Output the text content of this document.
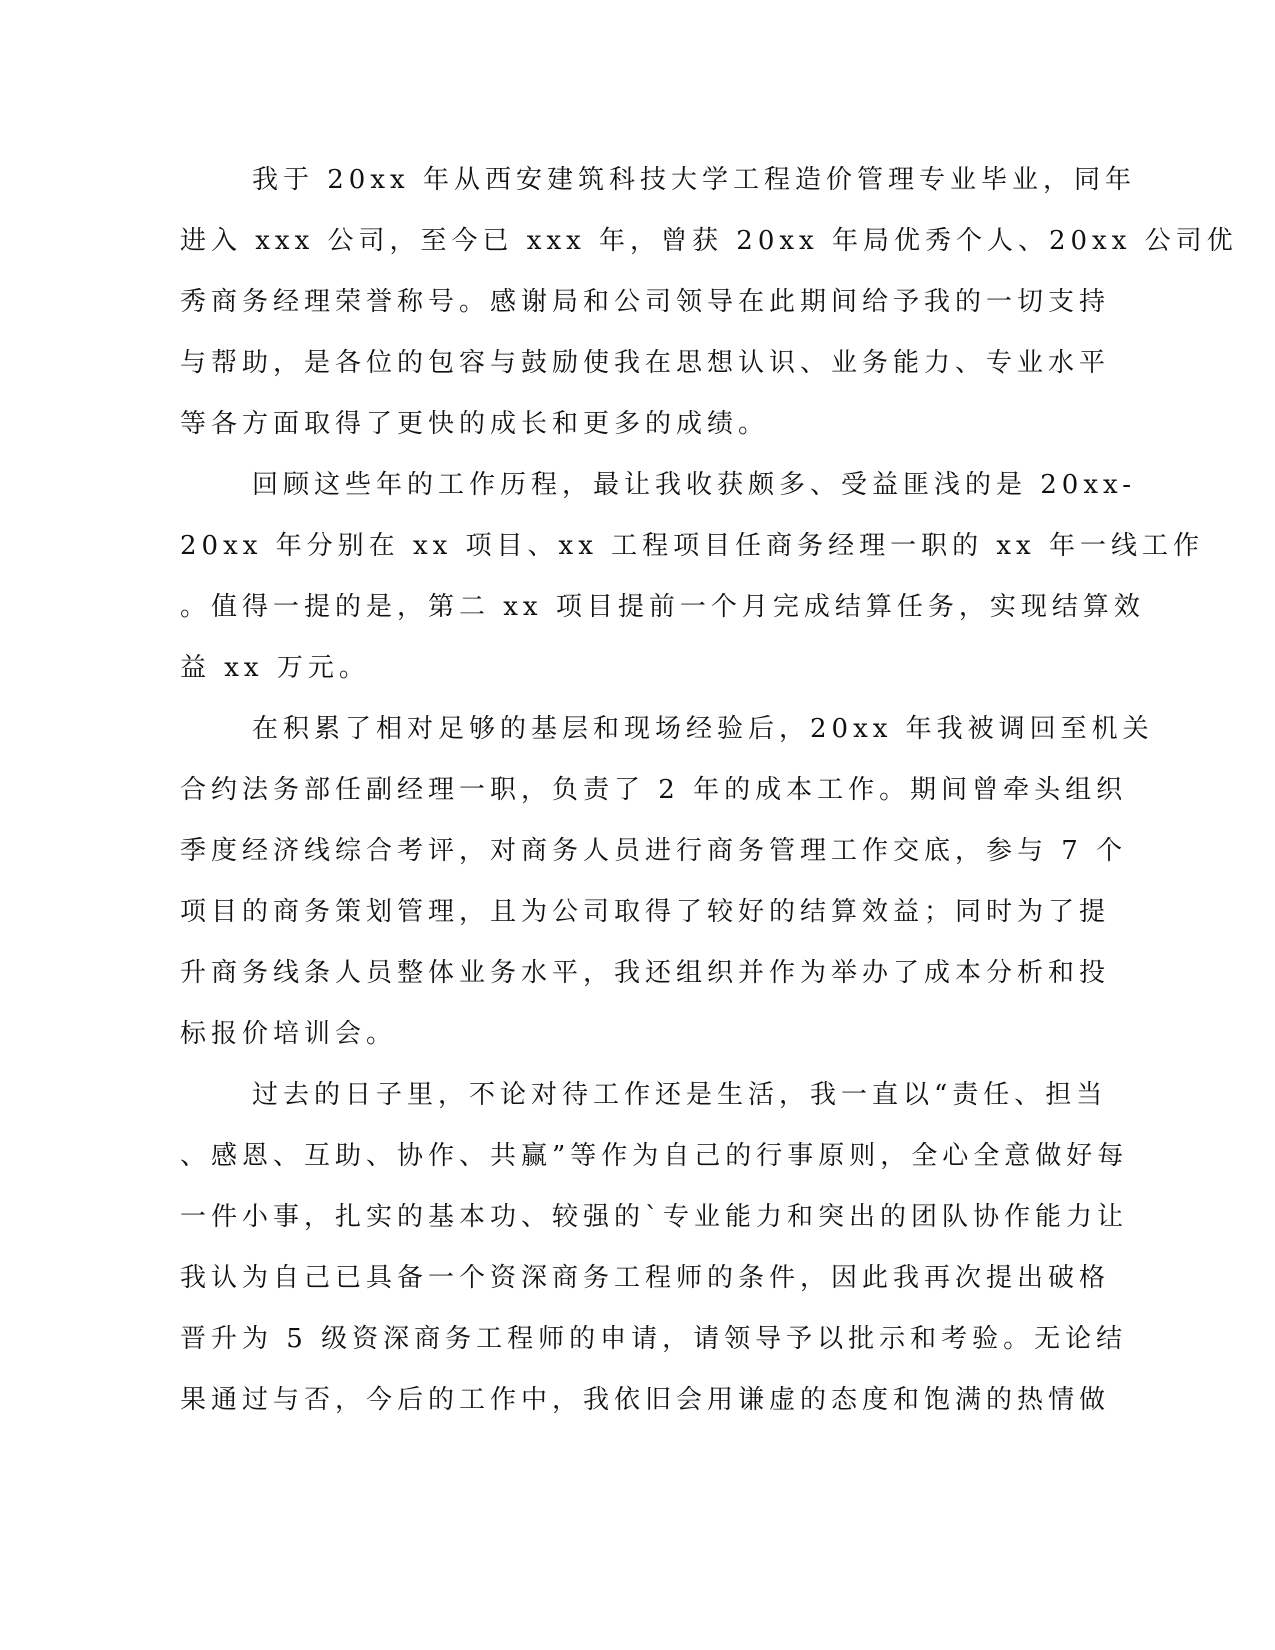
我于 20xx 年从西安建筑科技大学工程造价管理专业毕业，同年
进入 xxx 公司，至今已 xxx 年，曾获 20xx 年局优秀个人、20xx 公司优
秀商务经理荣誉称号。感谢局和公司领导在此期间给予我的一切支持
与帮助，是各位的包容与鼓励使我在思想认识、业务能力、专业水平
等各方面取得了更快的成长和更多的成绩。
回顾这些年的工作历程，最让我收获颇多、受益匪浅的是 20xx-
20xx 年分别在 xx 项目、xx 工程项目任商务经理一职的 xx 年一线工作
。值得一提的是，第二 xx 项目提前一个月完成结算任务，实现结算效
益 xx 万元。
在积累了相对足够的基层和现场经验后，20xx 年我被调回至机关
合约法务部任副经理一职，负责了 2 年的成本工作。期间曾牵头组织
季度经济线综合考评，对商务人员进行商务管理工作交底，参与 7 个
项目的商务策划管理，且为公司取得了较好的结算效益；同时为了提
升商务线条人员整体业务水平，我还组织并作为举办了成本分析和投
标报价培训会。
过去的日子里，不论对待工作还是生活，我一直以“责任、担当
、感恩、互助、协作、共赢”等作为自己的行事原则，全心全意做好每
一件小事，扎实的基本功、较强的`专业能力和突出的团队协作能力让
我认为自己已具备一个资深商务工程师的条件，因此我再次提出破格
晋升为 5 级资深商务工程师的申请，请领导予以批示和考验。无论结
果通过与否，今后的工作中，我依旧会用谦虚的态度和饱满的热情做
